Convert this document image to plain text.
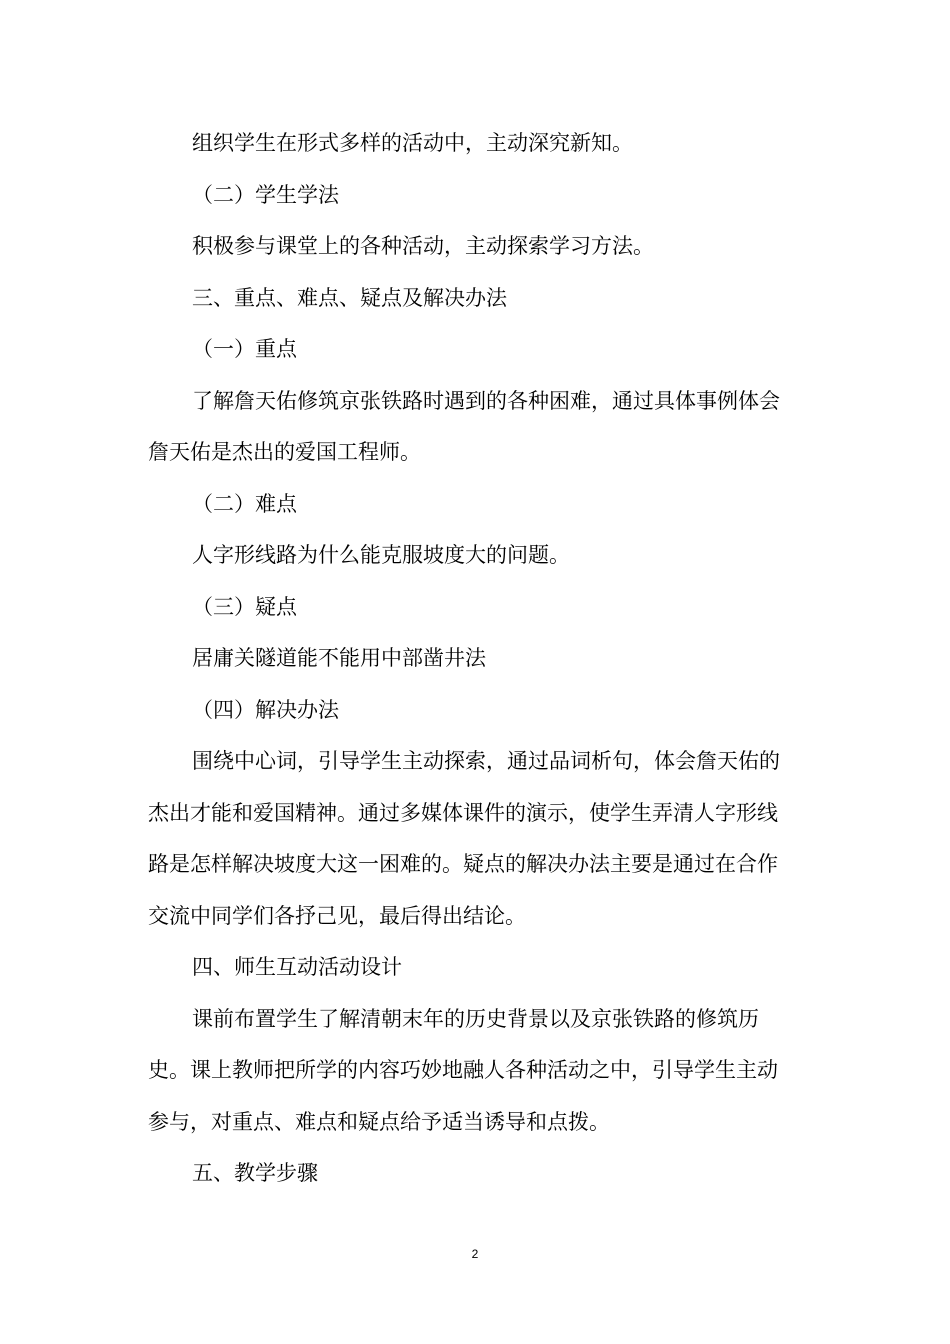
组织学生在形式多样的活动中，主动深究新知。

（二）学生学法

积极参与课堂上的各种活动，主动探索学习方法。

三、重点、难点、疑点及解决办法

（一）重点

了解詹天佑修筑京张铁路时遇到的各种困难，通过具体事例体会詹天佑是杰出的爱国工程师。

（二）难点

人字形线路为什么能克服坡度大的问题。

（三）疑点

居庸关隧道能不能用中部凿井法

（四）解决办法

围绕中心词，引导学生主动探索，通过品词析句，体会詹天佑的杰出才能和爱国精神。通过多媒体课件的演示，使学生弄清人字形线路是怎样解决坡度大这一困难的。疑点的解决办法主要是通过在合作交流中同学们各抒己见，最后得出结论。

四、师生互动活动设计

课前布置学生了解清朝末年的历史背景以及京张铁路的修筑历史。课上教师把所学的内容巧妙地融人各种活动之中，引导学生主动参与，对重点、难点和疑点给予适当诱导和点拨。

五、教学步骤

2
